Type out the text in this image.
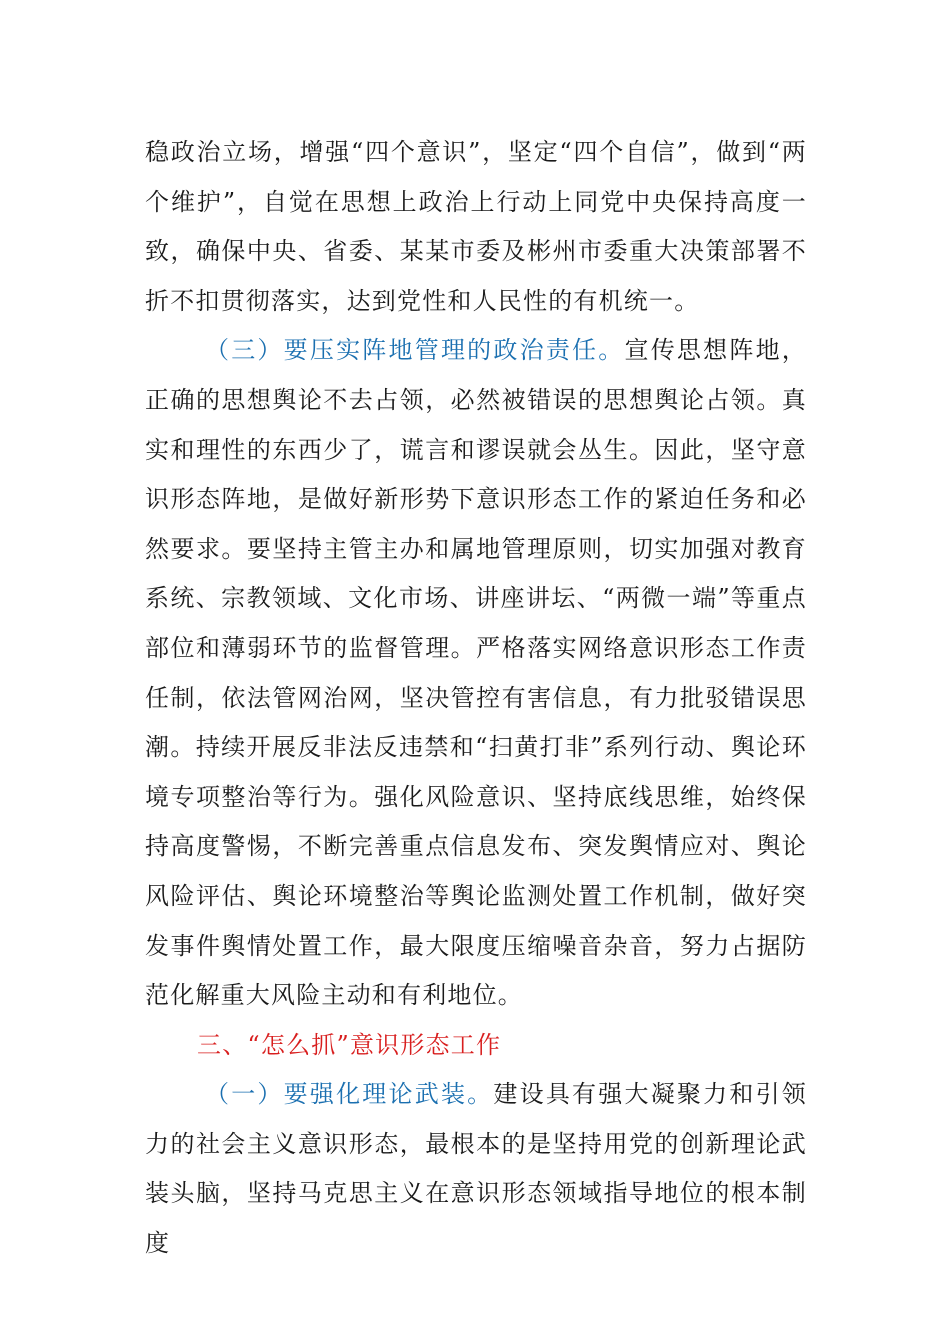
稳政治立场，增强“四个意识”，坚定“四个自信”，做到“两个维护”，自觉在思想上政治上行动上同党中央保持高度一致，确保中央、省委、某某市委及彬州市委重大决策部署不折不扣贯彻落实，达到党性和人民性的有机统一。

（三）要压实阵地管理的政治责任。宣传思想阵地，正确的思想舆论不去占领，必然被错误的思想舆论占领。真实和理性的东西少了，谎言和谬误就会丛生。因此，坚守意识形态阵地，是做好新形势下意识形态工作的紧迫任务和必然要求。要坚持主管主办和属地管理原则，切实加强对教育系统、宗教领域、文化市场、讲座讲坛、“两微一端”等重点部位和薄弱环节的监督管理。严格落实网络意识形态工作责任制，依法管网治网，坚决管控有害信息，有力批驳错误思潮。持续开展反非法反违禁和“扫黄打非”系列行动、舆论环境专项整治等行为。强化风险意识、坚持底线思维，始终保持高度警惕，不断完善重点信息发布、突发舆情应对、舆论风险评估、舆论环境整治等舆论监测处置工作机制，做好突发事件舆情处置工作，最大限度压缩噪音杂音，努力占据防范化解重大风险主动和有利地位。

三、“怎么抓”意识形态工作

（一）要强化理论武装。建设具有强大凝聚力和引领力的社会主义意识形态，最根本的是坚持用党的创新理论武装头脑，坚持马克思主义在意识形态领域指导地位的根本制度
